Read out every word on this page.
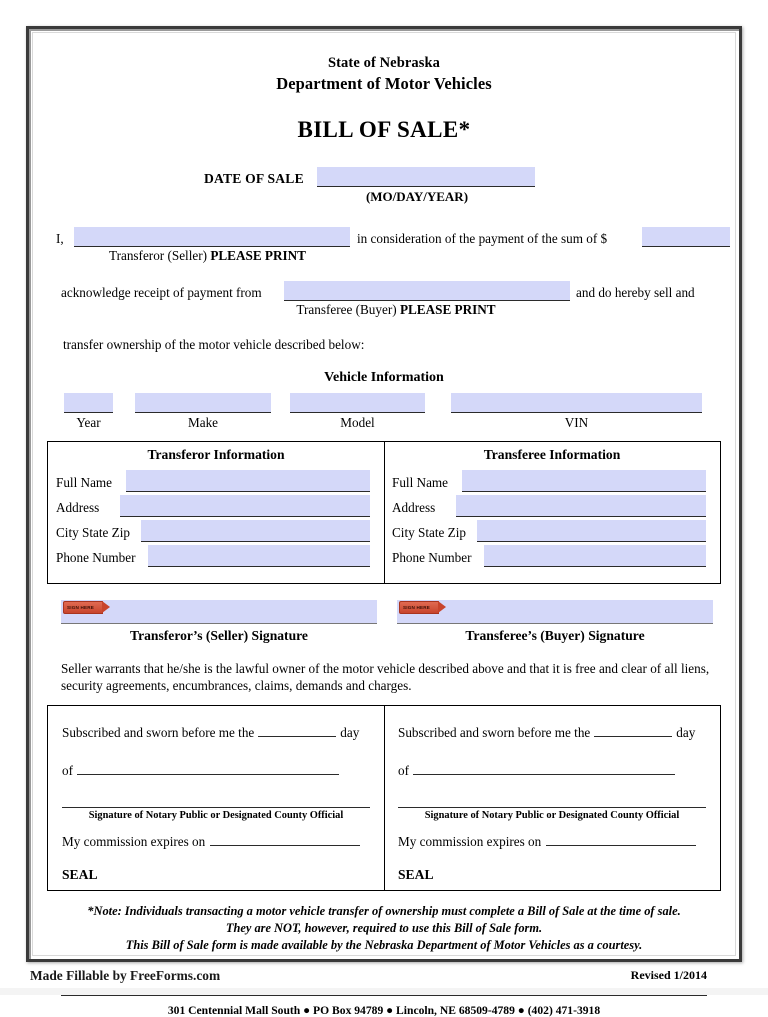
State of Nebraska
Department of Motor Vehicles
BILL OF SALE*
DATE OF SALE
(MO/DAY/YEAR)
I,	in consideration of the payment of the sum of $
Transferor (Seller) PLEASE PRINT
acknowledge receipt of payment from	and do hereby sell and
Transferee (Buyer) PLEASE PRINT
transfer ownership of the motor vehicle described below:
Vehicle Information
Year	Make	Model	VIN
Transferor Information
Full Name
Address
City State Zip
Phone Number
Transferee Information
Full Name
Address
City State Zip
Phone Number
SIGN HERE	SIGN HERE
Transferor’s (Seller) Signature	Transferee’s (Buyer) Signature
Seller warrants that he/she is the lawful owner of the motor vehicle described above and that it is free and clear of all liens, security agreements, encumbrances, claims, demands and charges.
Subscribed and sworn before me the	day
of
Signature of Notary Public or Designated County Official
My commission expires on
SEAL
Subscribed and sworn before me the	day
of
Signature of Notary Public or Designated County Official
My commission expires on
SEAL
*Note: Individuals transacting a motor vehicle transfer of ownership must complete a Bill of Sale at the time of sale.
They are NOT, however, required to use this Bill of Sale form.
This Bill of Sale form is made available by the Nebraska Department of Motor Vehicles as a courtesy.
Revised 1/2014
301 Centennial Mall South ● PO Box 94789 ● Lincoln, NE 68509-4789 ● (402) 471-3918
Made Fillable by FreeForms.com
